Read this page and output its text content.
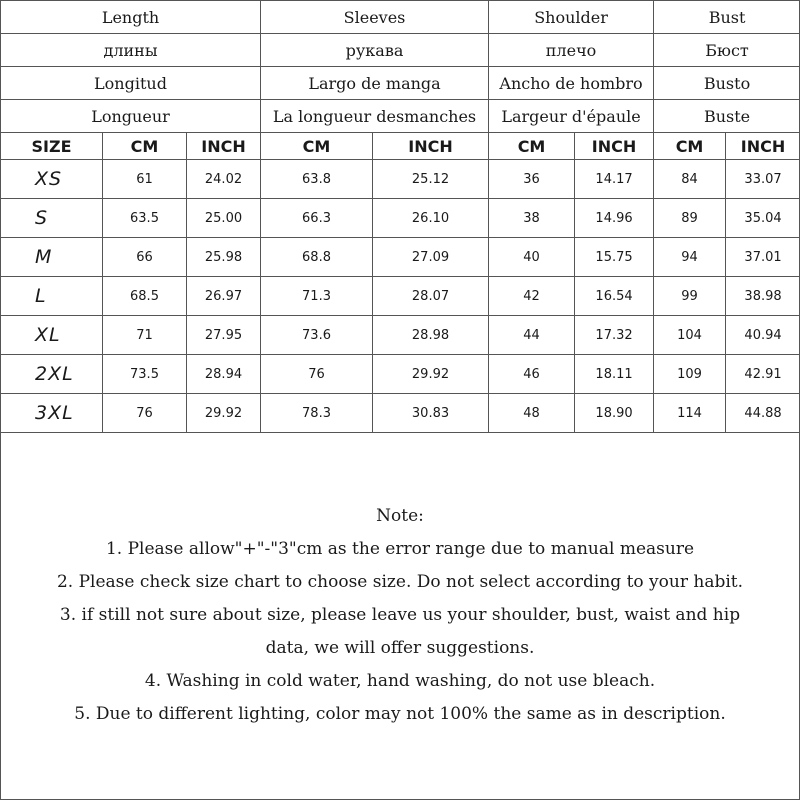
Length			Sleeves		Shoulder		Bust	
длины			рукава		плечо		Бюст	
Longitud			Largo de manga		Ancho de hombro		Busto	
Longueur			La longueur desmanches		Largeur d'épaule		Buste	
SIZE	CM	INCH	CM	INCH	CM	INCH	CM	INCH
XS	61	24.02	63.8	25.12	36	14.17	84	33.07
S	63.5	25.00	66.3	26.10	38	14.96	89	35.04
M	66	25.98	68.8	27.09	40	15.75	94	37.01
L	68.5	26.97	71.3	28.07	42	16.54	99	38.98
XL	71	27.95	73.6	28.98	44	17.32	104	40.94
2XL	73.5	28.94	76	29.92	46	18.11	109	42.91
3XL	76	29.92	78.3	30.83	48	18.90	114	44.88

Note:

1. Please allow"+"-"3"cm as the error range due to manual measure

2. Please check size chart to choose size. Do not select according to your habit.

3. if still not sure about size, please leave us your shoulder, bust, waist and hip

data, we will offer suggestions.

4. Washing in cold water, hand washing, do not use bleach.

5. Due to different lighting, color may not 100% the same as in description.
